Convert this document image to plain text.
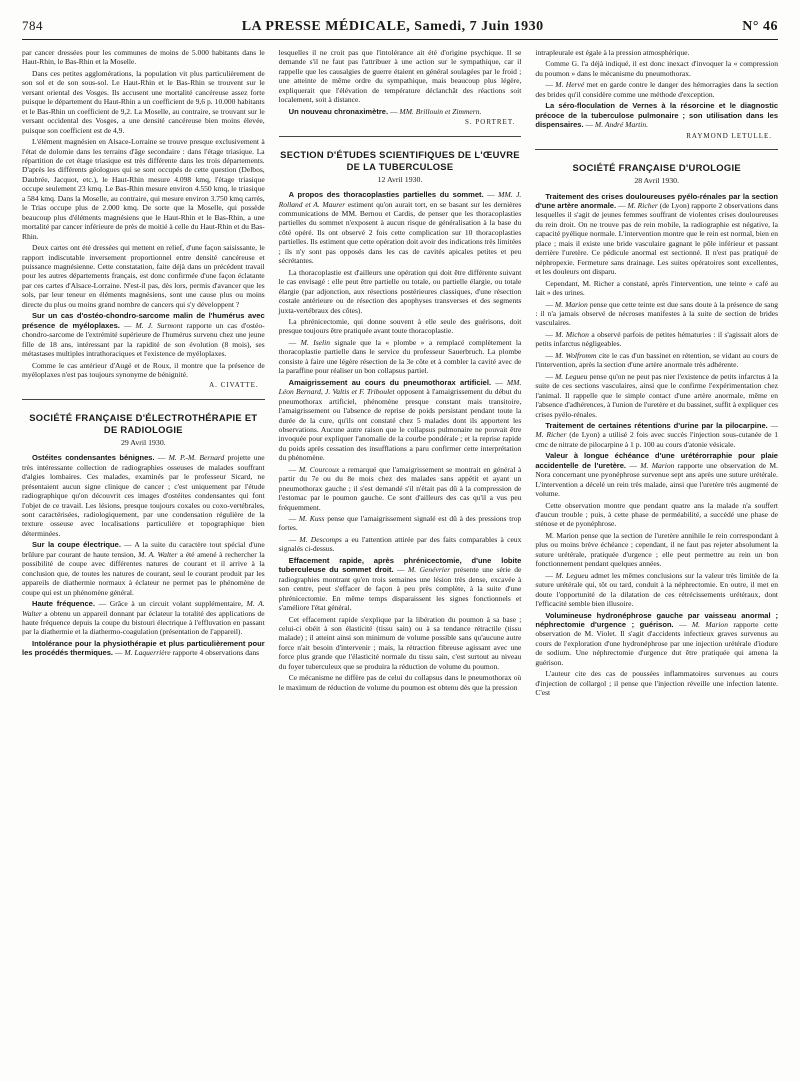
784	LA PRESSE MÉDICALE, Samedi, 7 Juin 1930	N° 46

par cancer dressées pour les communes de moins de 5.000 habitants dans le Haut-Rhin, le Bas-Rhin et la Moselle.

Dans ces petites agglomérations, la population vit plus particulièrement de son sol et de son sous-sol. Le Haut-Rhin et le Bas-Rhin se trouvent sur le versant oriental des Vosges. Ils accusent une mortalité cancéreuse assez forte puisque le département du Haut-Rhin a un coefficient de 9,6 p. 10.000 habitants et le Bas-Rhin un coefficient de 9,2. La Moselle, au contraire, se trouvant sur le versant occidental des Vosges, a une densité cancéreuse bien moins élevée, puisque son coefficient est de 4,9.

L'élément magnésien en Alsace-Lorraine se trouve presque exclusivement à l'état de dolomie dans les terrains d'âge secondaire : dans l'étage triasique. La répartition de cet étage triasique est très différente dans les trois départements. D'après les différents géologues qui se sont occupés de cette question (Delbos, Daubrée, Jacquot, etc.), le Haut-Rhin mesure 4.098 kmq, l'étage triasique occupe seulement 23 kmq. Le Bas-Rhin mesure environ 4.550 kmq, le triasique a 584 kmq. Dans la Moselle, au contraire, qui mesure environ 3.750 kmq carrés, le Trias occupe plus de 2.000 kmq. De sorte que la Moselle, qui possède beaucoup plus d'éléments magnésiens que le Haut-Rhin et le Bas-Rhin, a une mortalité par cancer inférieure de près de moitié à celle du Haut-Rhin et du Bas-Rhin.

Deux cartes ont été dressées qui mettent en relief, d'une façon saisissante, le rapport indiscutable inversement proportionnel entre densité cancéreuse et puissance magnésienne. Cette constatation, faite déjà dans un précédent travail pour les autres départements français, est donc confirmée d'une façon éclatante par ces cartes d'Alsace-Lorraine. N'est-il pas, dès lors, permis d'avancer que les sols, par leur teneur en éléments magnésiens, sont une cause plus ou moins directe du plus ou moins grand nombre de cancers qui s'y développent ?

Sur un cas d'ostéo-chondro-sarcome malin de l'humérus avec présence de myéloplaxes. — M. J. Surmont rapporte un cas d'ostéo-chondro-sarcome de l'extrémité supérieure de l'humérus survenu chez une jeune fille de 18 ans, intéressant par la rapidité de son évolution (8 mois), ses métastases multiples intrathoraciques et l'existence de myéloplaxes.

Comme le cas antérieur d'Augé et de Roux, il montre que la présence de myéloplaxes n'est pas toujours synonyme de bénignité.

A. CIVATTE.
SOCIÉTÉ FRANÇAISE D'ÉLECTROTHÉRAPIE ET DE RADIOLOGIE
29 Avril 1930.

Ostéites condensantes bénignes. — M. P.-M. Bernard projette une très intéressante collection de radiographies osseuses de malades souffrant d'algies lombaires. Ces malades, examinés par le professeur Sicard, ne présentaient aucun signe clinique de cancer ; c'est uniquement par l'étude radiographique qu'on découvrit ces images d'ostéites condensantes qui font l'objet de ce travail. Les lésions, presque toujours coxales ou coxo-vertébrales, sont caractérisées, radiologiquement, par une condensation régulière de la texture osseuse avec localisations particulière et topographique bien déterminées.

Sur la coupe électrique. — A la suite du caractère tout spécial d'une brûlure par courant de haute tension, M. A. Walter a été amené à rechercher la possibilité de coupe avec différentes natures de courant et il arrive à la conclusion que, de toutes les natures de courant, seul le courant produit par les appareils de diathermie normaux à éclateur ne permet pas le phénomène de coupe qui est un phénomène général.

Haute fréquence. — Grâce à un circuit volant supplémentaire, M. A. Walter a obtenu un appareil donnant par éclateur la totalité des applications de haute fréquence depuis la coupe du bistouri électrique à l'effluvation en passant par la diathermie et la diathermo-coagulation (présentation de l'appareil).

Intolérance pour la physiothérapie et plus particulièrement pour les procédés thermiques. — M. Laquerrière rapporte 4 observations dans

lesquelles il ne croit pas que l'intolérance ait été d'origine psychique. Il se demande s'il ne faut pas l'attribuer à une action sur le sympathique, car il rappelle que les causalgies de guerre étaient en général soulagées par le froid ; une atteinte de même ordre du sympathique, mais beaucoup plus légère, expliquerait que l'élévation de température déclanchât des réactions soit localement, soit à distance.

Un nouveau chronaximètre. — MM. Brillouin et Zimmern.

S. PORTRET.
SECTION D'ÉTUDES SCIENTIFIQUES DE L'ŒUVRE DE LA TUBERCULOSE
12 Avril 1930.

A propos des thoracoplasties partielles du sommet. — MM. J. Rolland et A. Maurer estiment qu'on aurait tort, en se basant sur les dernières communications de MM. Bernou et Cardis, de penser que les thoracoplasties partielles du sommet n'exposent à aucun risque de généralisation à la base du côté opéré. Ils ont observé 2 fois cette complication sur 10 thoracoplasties partielles. Ils estiment que cette opération doit avoir des indications très limitées ; ils n'y sont pas opposés dans les cas de cavités apicales petites et peu sécrétantes.

La thoracoplastie est d'ailleurs une opération qui doit être différente suivant le cas envisagé : elle peut être partielle ou totale, ou partielle élargie, ou totale élargie (par adjonction, aux résections postérieures classiques, d'une résection costale antérieure ou de résection des apophyses transverses et des segments juxta-vertébraux des côtes).

La phrénicectomie, qui donne souvent à elle seule des guérisons, doit presque toujours être pratiquée avant toute thoracoplastie.

— M. Iselin signale que la « plombe » a remplacé complètement la thoracoplastie partielle dans le service du professeur Sauerbruch. La plombe consiste à faire une légère résection de la 3e côte et à combler la cavité avec de la paraffine pour réaliser un bon collapsus partiel.

Amaigrissement au cours du pneumothorax artificiel. — MM. Léon Bernard, J. Valtis et F. Triboulet opposent à l'amaigrissement du début du pneumothorax artificiel, phénomène presque constant mais transitoire, l'amaigrissement ou l'absence de reprise de poids persistant pendant toute la durée de la cure, qu'ils ont constaté chez 5 malades dont ils apportent les observations. Aucune autre raison que le collapsus pulmonaire ne pouvait être invoquée pour expliquer l'anomalie de la courbe pondérale ; et la reprise rapide du poids après cessation des insufflations a paru confirmer cette interprétation du phénomène.

— M. Courcoux a remarqué que l'amaigrissement se montrait en général à partir du 7e ou du 8e mois chez des malades sans appétit et ayant un pneumothorax gauche ; il s'est demandé s'il n'était pas dû à la compression de l'estomac par le poumon gauche. Ce sont d'ailleurs des cas qu'il a vus peu fréquemment.

— M. Kuss pense que l'amaigrissement signalé est dû à des pressions trop fortes.

— M. Descomps a eu l'attention attirée par des faits comparables à ceux signalés ci-dessus.

Effacement rapide, après phrénicectomie, d'une lobite tuberculeuse du sommet droit. — M. Genévrier présente une série de radiographies montrant qu'en trois semaines une lésion très dense, excavée à son centre, peut s'effacer de façon à peu près complète, à la suite d'une phrénicectomie. En même temps disparaissent les signes fonctionnels et s'améliore l'état général.

Cet effacement rapide s'explique par la libération du poumon à sa base ; celui-ci obéit à son élasticité (tissu sain) ou à sa tendance rétractile (tissu malade) ; il atteint ainsi son minimum de volume possible sans qu'aucune autre force n'ait besoin d'intervenir ; mais, la rétraction fibreuse agissant avec une force plus grande que l'élasticité normale du tissu sain, c'est surtout au niveau du foyer tuberculeux que se produira la réduction de volume du poumon.

Ce mécanisme ne diffère pas de celui du collapsus dans le pneumothorax où le maximum de réduction de volume du poumon est obtenu dès que la pression

intrapleurale est égale à la pression atmosphérique.

Comme G. l'a déjà indiqué, il est donc inexact d'invoquer la « compression du poumon » dans le mécanisme du pneumothorax.

— M. Hervé met en garde contre le danger des hémorragies dans la section des brides qu'il considère comme une méthode d'exception.

La séro-floculation de Vernes à la résorcine et le diagnostic précoce de la tuberculose pulmonaire ; son utilisation dans les dispensaires. — M. André Martin.

RAYMOND LETULLE.
SOCIÉTÉ FRANÇAISE D'UROLOGIE
28 Avril 1930.

Traitement des crises douloureuses pyélo-rénales par la section d'une artère anormale. — M. Richer (de Lyon) rapporte 2 observations dans lesquelles il s'agit de jeunes femmes souffrant de violentes crises douloureuses du rein droit. On ne trouve pas de rein mobile, la radiographie est négative, la capacité pyélique normale. L'intervention montre que le rein est normal, bien en place ; mais il existe une bride vasculaire gagnant le pôle inférieur et passant derrière l'uretère. Ce pédicule anormal est sectionné. Il n'est pas pratiqué de néphropexie. Fermeture sans drainage. Les suites opératoires sont excellentes, et les douleurs ont disparu.

Cependant, M. Richer a constaté, après l'intervention, une teinte « café au lait » des urines.

— M. Marion pense que cette teinte est due sans doute à la présence de sang : il n'a jamais observé de nécroses manifestes à la suite de section de brides vasculaires.

— M. Michon a observé parfois de petites hématuries : il s'agissait alors de petits infarctus négligeables.

— M. Wolfromm cite le cas d'un bassinet en rétention, se vidant au cours de l'intervention, après la section d'une artère anormale très adhérente.

— M. Legueu pense qu'on ne peut pas nier l'existence de petits infarctus à la suite de ces sections vasculaires, ainsi que le confirme l'expérimentation chez l'animal. Il rappelle que le simple contact d'une artère anormale, même en l'absence d'adhérences, à l'union de l'uretère et du bassinet, suffit à expliquer ces crises pyélo-rénales.

Traitement de certaines rétentions d'urine par la pilocarpine. — M. Richer (de Lyon) a utilisé 2 fois avec succès l'injection sous-cutanée de 1 cmc de nitrate de pilocarpine à 1 p. 100 au cours d'atonie vésicale.

Valeur à longue échéance d'une urétérorraphie pour plaie accidentelle de l'uretère. — M. Marion rapporte une observation de M. Nora concernant une pyonéphrose survenue sept ans après une suture urétérale. L'intervention a décelé un rein très malade, ainsi que l'uretère très augmenté de volume.

Cette observation montre que pendant quatre ans la malade n'a souffert d'aucun trouble ; puis, à cette phase de perméabilité, a succédé une phase de sténose et de pyonéphrose.

M. Marion pense que la section de l'uretère annihile le rein correspondant à plus ou moins brève échéance ; cependant, il ne faut pas rejeter absolument la suture urétérale, pratiquée d'urgence ; elle peut permettre au rein un bon fonctionnement pendant quelques années.

— M. Legueu admet les mêmes conclusions sur la valeur très limitée de la suture urétérale qui, tôt ou tard, conduit à la néphrectomie. En outre, il met en doute l'opportunité de la dilatation de ces rétrécissements urétéraux, dont l'efficacité semble bien illusoire.

Volumineuse hydronéphrose gauche par vaisseau anormal ; néphrectomie d'urgence ; guérison. — M. Marion rapporte cette observation de M. Violet. Il s'agit d'accidents infectieux graves survenus au cours de l'exploration d'une hydronéphrose par une injection urétérale d'iodure de sodium. Une néphrectomie d'urgence dut être pratiquée qui amena la guérison.

L'auteur cite des cas de poussées inflammatoires survenues au cours d'injection de collargol ; il pense que l'injection réveille une infection latente. C'est
